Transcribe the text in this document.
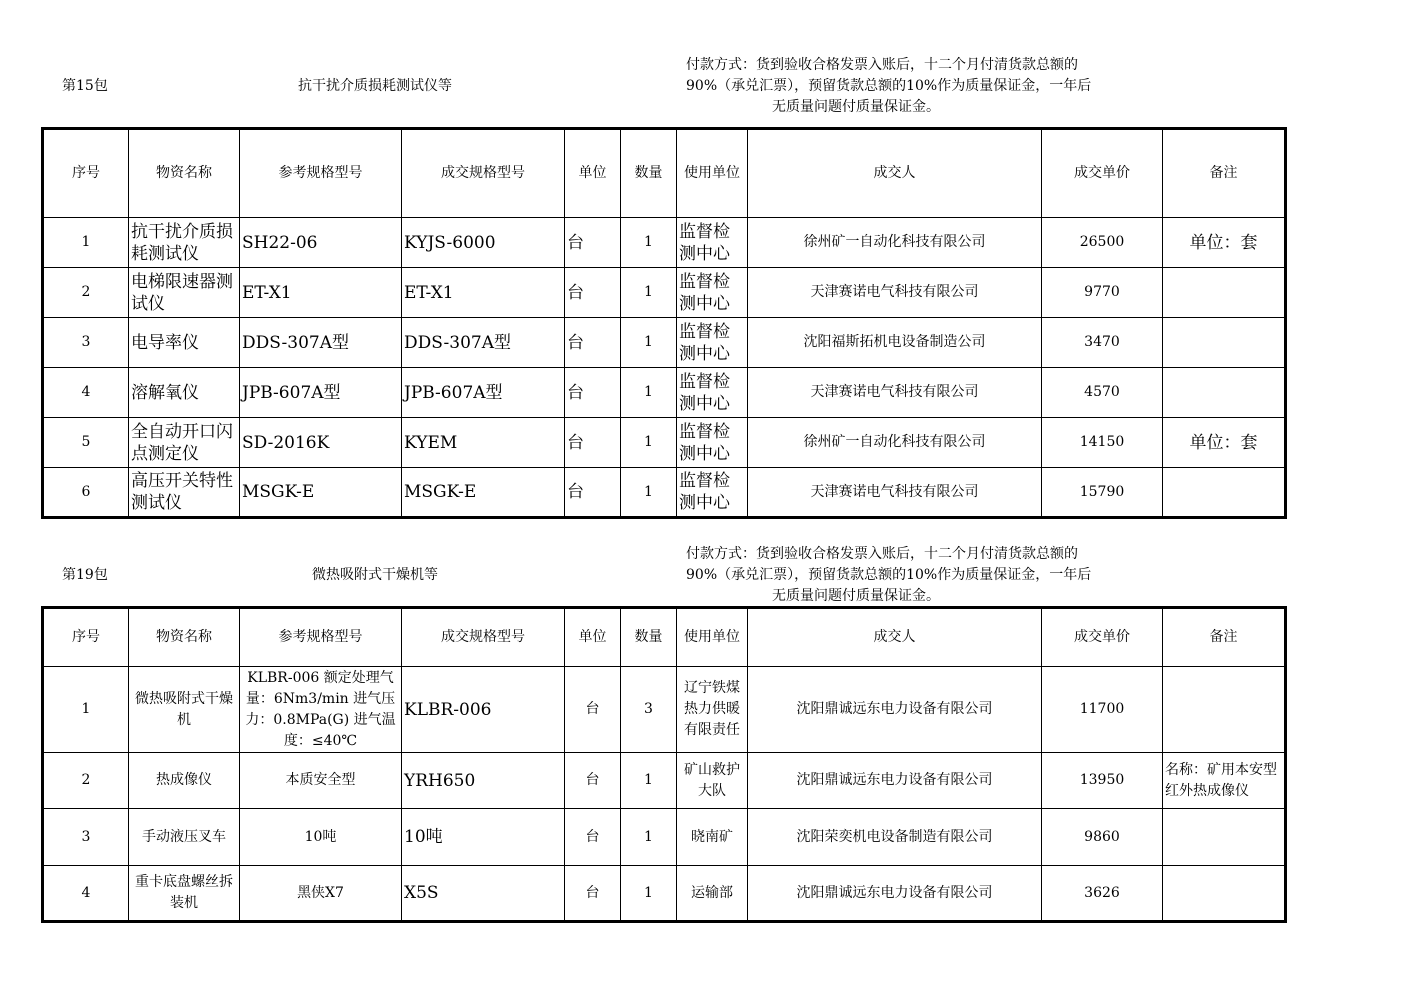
第15包	抗干扰介质损耗测试仪等
付款方式：货到验收合格发票入账后，十二个月付清货款总额的
90%（承兑汇票），预留货款总额的10%作为质量保证金，一年后
无质量问题付质量保证金。
序号	物资名称	参考规格型号	成交规格型号	单位	数量	使用单位	成交人	成交单价	备注
1	抗干扰介质损耗测试仪	SH22-06	KYJS-6000	台	1	监督检测中心	徐州矿一自动化科技有限公司	26500	单位：套
2	电梯限速器测试仪	ET-X1	ET-X1	台	1	监督检测中心	天津赛诺电气科技有限公司	9770	
3	电导率仪	DDS-307A型	DDS-307A型	台	1	监督检测中心	沈阳福斯拓机电设备制造公司	3470	
4	溶解氧仪	JPB-607A型	JPB-607A型	台	1	监督检测中心	天津赛诺电气科技有限公司	4570	
5	全自动开口闪点测定仪	SD-2016K	KYEM	台	1	监督检测中心	徐州矿一自动化科技有限公司	14150	单位：套
6	高压开关特性测试仪	MSGK-E	MSGK-E	台	1	监督检测中心	天津赛诺电气科技有限公司	15790	
第19包	微热吸附式干燥机等
付款方式：货到验收合格发票入账后，十二个月付清货款总额的
90%（承兑汇票），预留货款总额的10%作为质量保证金，一年后
无质量问题付质量保证金。
序号	物资名称	参考规格型号	成交规格型号	单位	数量	使用单位	成交人	成交单价	备注
1	微热吸附式干燥机	KLBR-006 额定处理气量：6Nm3/min 进气压力：0.8MPa(G) 进气温度：≤40℃	KLBR-006	台	3	辽宁铁煤热力供暖有限责任	沈阳鼎诚远东电力设备有限公司	11700	
2	热成像仪	本质安全型	YRH650	台	1	矿山救护大队	沈阳鼎诚远东电力设备有限公司	13950	名称：矿用本安型红外热成像仪
3	手动液压叉车	10吨	10吨	台	1	晓南矿	沈阳荣奕机电设备制造有限公司	9860	
4	重卡底盘螺丝拆装机	黑侠X7	X5S	台	1	运输部	沈阳鼎诚远东电力设备有限公司	3626	
